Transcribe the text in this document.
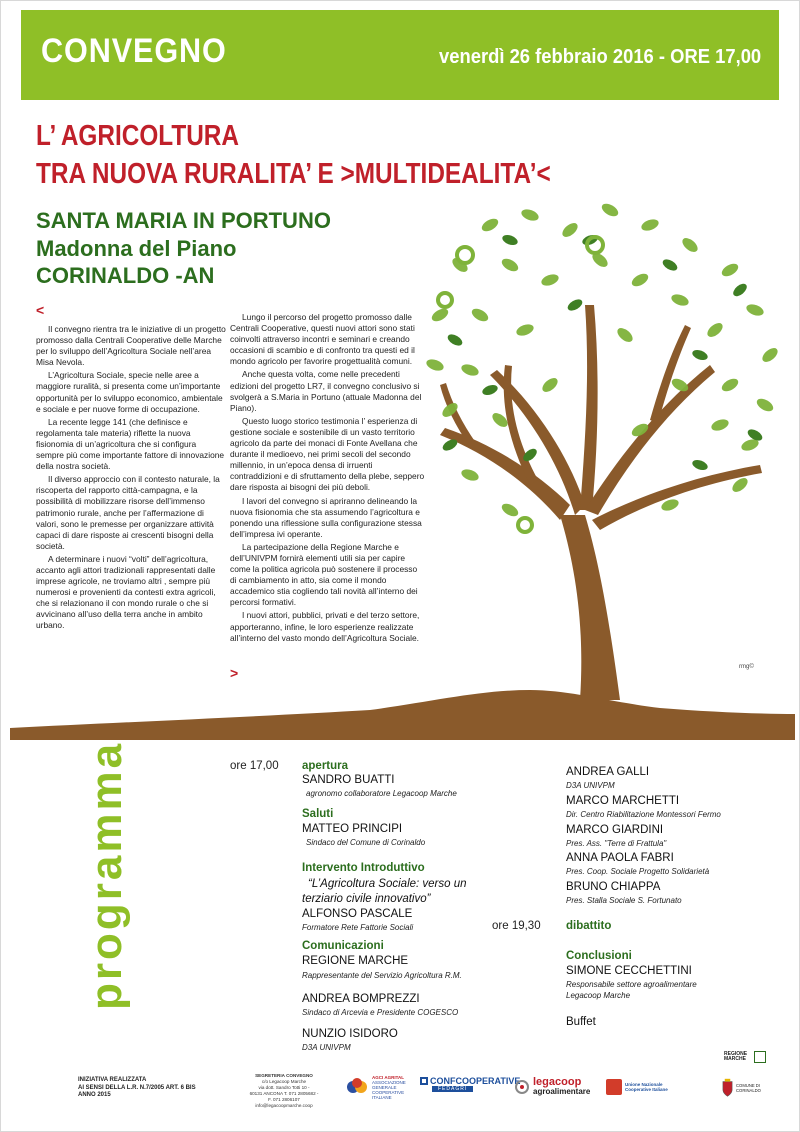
CONVEGNO	venerdì 26 febbraio 2016 - ORE 17,00
L’ AGRICOLTURA
TRA NUOVA RURALITA’ E >MULTIDEALITA’<
SANTA MARIA IN PORTUNO
Madonna del Piano
CORINALDO -AN
rmg©
<

Il convegno rientra tra le iniziative di un progetto promosso dalla Centrali Cooperative delle Marche per lo sviluppo dell’Agricoltura Sociale nell’area Misa Nevola.

L’Agricoltura Sociale, specie nelle aree a maggiore ruralità, si presenta come un’importante opportunità per lo sviluppo economico, ambientale e sociale e per nuove forme di occupazione.

La recente legge 141 (che definisce e regolamenta tale materia) riflette la nuova fisionomia di un’agricoltura che si configura sempre più come importante fattore di innovazione della nostra società.

Il diverso approccio con il contesto naturale, la riscoperta del rapporto città-campagna, e la possibilità di mobilizzare risorse dell’immenso patrimonio rurale, anche per l’affermazione di valori, sono le premesse per organizzare attività capaci di dare risposte ai crescenti bisogni della società.

A determinare i nuovi “volti” dell’agricoltura, accanto agli attori tradizionali rappresentati dalle imprese agricole, ne troviamo altri , sempre più numerosi e provenienti da contesti extra agricoli, che si relazionano il con mondo rurale o che si avvicinano all’uso della terra anche in ambito urbano.

Lungo il percorso del progetto promosso dalle Centrali Cooperative, questi nuovi attori sono stati coinvolti attraverso incontri e seminari e creando occasioni di scambio e di confronto tra questi ed il mondo agricolo per favorire progettualità comuni.

Anche questa volta, come nelle precedenti edizioni del progetto LR7, il convegno conclusivo si svolgerà a S.Maria in Portuno (attuale Madonna del Piano).

Questo luogo storico testimonia l’ esperienza di gestione sociale e sostenibile di un vasto territorio agricolo da parte dei monaci di Fonte Avellana che durante il medioevo, nei primi secoli del secondo millennio, in un’epoca densa di irruenti contraddizioni e di sfruttamento della plebe, seppero dare risposta ai bisogni dei più deboli.

I lavori del convegno si apriranno delineando la nuova fisionomia che sta assumendo l’agricoltura e ponendo una riflessione sulla configurazione stessa dell’impresa ivi operante.

La partecipazione della Regione Marche e dell’UNIVPM fornirà elementi utili sia per capire come la politica agricola può sostenere il processo di cambiamento in atto, sia come il mondo accademico stia cogliendo tali novità all’interno dei percorsi formativi.

I nuovi attori, pubblici, privati e del terzo settore, apporteranno, infine, le loro esperienze realizzate all’interno del vasto mondo dell’Agricoltura Sociale.

>
programma	ore 17,00 apertura
SANDRO BUATTI
agronomo collaboratore Legacoop Marche
Saluti
MATTEO PRINCIPI
Sindaco del Comune di Corinaldo
Intervento Introduttivo
“L’Agricoltura Sociale: verso un
terziario civile innovativo”
ALFONSO PASCALE
Formatore Rete Fattorie Sociali
Comunicazioni
REGIONE MARCHE
Rappresentante del Servizio Agricoltura R.M.
ANDREA BOMPREZZI
Sindaco di Arcevia e Presidente COGESCO
NUNZIO ISIDORO
D3A UNIVPM
ANDREA GALLI
D3A UNIVPM
MARCO MARCHETTI
Dir. Centro Riabilitazione Montessori Fermo
MARCO GIARDINI
Pres. Ass. "Terre di Frattula"
ANNA PAOLA FABRI
Pres. Coop. Sociale Progetto Solidarietà
BRUNO CHIAPPA
Pres. Stalla Sociale S. Fortunato
ore 19,30 dibattito
Conclusioni
SIMONE CECCHETTINI
Responsabile settore agroalimentare
Legacoop Marche
Buffet
INIZIATIVA REALIZZATA
AI SENSI DELLA L.R. N.7/2005 ART. 6 BIS
ANNO 2015
SEGRETERIA CONVEGNO
c/o Legacoop Marche
via dott. Sandro Totti 10 -
60131 ANCONA T. 071 2805682 - F. 071 2806107
info@legacoopmarche.coop
AGCI AGRITAL
ASSOCIAZIONE
GENERALE
COOPERATIVE
ITALIANE
CONFCOOPERATIVE
FEDAGRI
legacoop
agroalimentare
Unione Nazionale
Cooperative Italiane
REGIONE MARCHE
COMUNE DI CORINALDO
